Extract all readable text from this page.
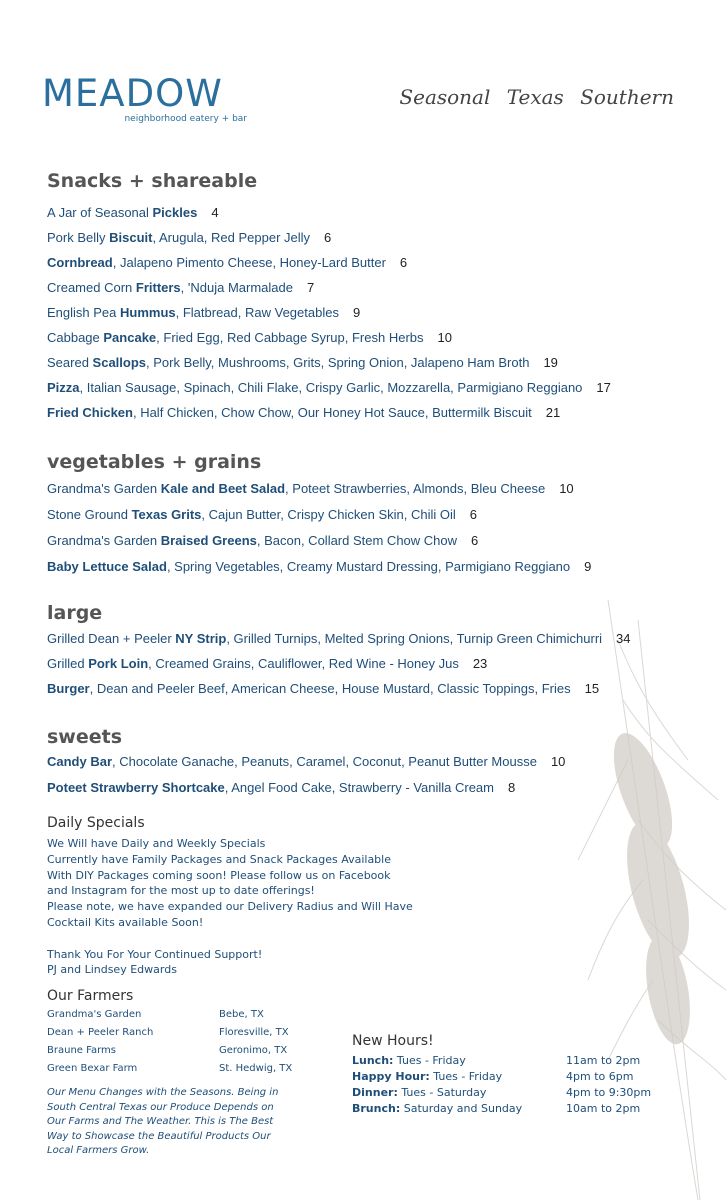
MEADOW
neighborhood eatery + bar
Seasonal Texas Southern
Snacks + shareable
A Jar of Seasonal Pickles 4
Pork Belly Biscuit, Arugula, Red Pepper Jelly 6
Cornbread, Jalapeno Pimento Cheese, Honey-Lard Butter 6
Creamed Corn Fritters, 'Nduja Marmalade 7
English Pea Hummus, Flatbread, Raw Vegetables 9
Cabbage Pancake, Fried Egg, Red Cabbage Syrup, Fresh Herbs 10
Seared Scallops, Pork Belly, Mushrooms, Grits, Spring Onion, Jalapeno Ham Broth 19
Pizza, Italian Sausage, Spinach, Chili Flake, Crispy Garlic, Mozzarella, Parmigiano Reggiano 17
Fried Chicken, Half Chicken, Chow Chow, Our Honey Hot Sauce, Buttermilk Biscuit 21
vegetables + grains
Grandma's Garden Kale and Beet Salad, Poteet Strawberries, Almonds, Bleu Cheese 10
Stone Ground Texas Grits, Cajun Butter, Crispy Chicken Skin, Chili Oil 6
Grandma's Garden Braised Greens, Bacon, Collard Stem Chow Chow 6
Baby Lettuce Salad, Spring Vegetables, Creamy Mustard Dressing, Parmigiano Reggiano 9
large
Grilled Dean + Peeler NY Strip, Grilled Turnips, Melted Spring Onions, Turnip Green Chimichurri 34
Grilled Pork Loin, Creamed Grains, Cauliflower, Red Wine - Honey Jus 23
Burger, Dean and Peeler Beef, American Cheese, House Mustard, Classic Toppings, Fries 15
sweets
Candy Bar, Chocolate Ganache, Peanuts, Caramel, Coconut, Peanut Butter Mousse 10
Poteet Strawberry Shortcake, Angel Food Cake, Strawberry - Vanilla Cream 8
Daily Specials
We Will have Daily and Weekly Specials
Currently have Family Packages and Snack Packages Available
With DIY Packages coming soon! Please follow us on Facebook
and Instagram for the most up to date offerings!
Please note, we have expanded our Delivery Radius and Will Have
Cocktail Kits available Soon!

Thank You For Your Continued Support!
PJ and Lindsey Edwards
Our Farmers
Grandma's Garden	Bebe, TX
Dean + Peeler Ranch	Floresville, TX
Braune Farms	Geronimo, TX
Green Bexar Farm	St. Hedwig, TX
Our Menu Changes with the Seasons. Being in
South Central Texas our Produce Depends on
Our Farms and The Weather. This is The Best
Way to Showcase the Beautiful Products Our
Local Farmers Grow.
New Hours!
Lunch: Tues - Friday	11am to 2pm
Happy Hour: Tues - Friday	4pm to 6pm
Dinner: Tues - Saturday	4pm to 9:30pm
Brunch: Saturday and Sunday	10am to 2pm
